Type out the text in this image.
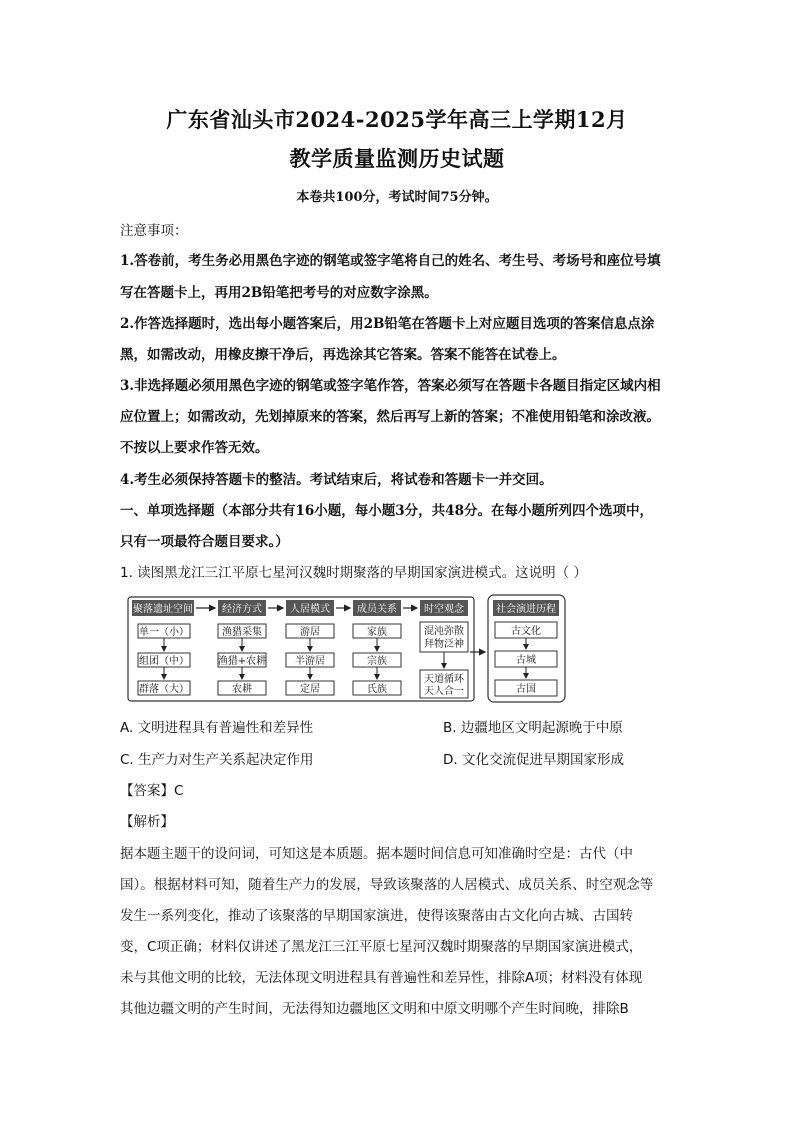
广东省汕头市2024-2025学年高三上学期12月
教学质量监测历史试题
本卷共100分，考试时间75分钟。
注意事项：
1.答卷前，考生务必用黑色字迹的钢笔或签字笔将自己的姓名、考生号、考场号和座位号填
写在答题卡上，再用2B铅笔把考号的对应数字涂黑。
2.作答选择题时，选出每小题答案后，用2B铅笔在答题卡上对应题目选项的答案信息点涂
黑，如需改动，用橡皮擦干净后，再选涂其它答案。答案不能答在试卷上。
3.非选择题必须用黑色字迹的钢笔或签字笔作答，答案必须写在答题卡各题目指定区域内相
应位置上；如需改动，先划掉原来的答案，然后再写上新的答案；不准使用铅笔和涂改液。
不按以上要求作答无效。
4.考生必须保持答题卡的整洁。考试结束后，将试卷和答题卡一并交回。
一、单项选择题（本部分共有16小题，每小题3分，共48分。在每小题所列四个选项中，
只有一项最符合题目要求。）
1. 读图黑龙江三江平原七星河汉魏时期聚落的早期国家演进模式。这说明（ ）
聚落遗址空间	经济方式	人居模式	成员关系	时空观念	社会演进历程
单一（小）
组团（中）
群落（大）
渔猎采集
渔猎+农耕
农耕
游居
半游居
定居
家族
宗族
氏族
混沌弥散
拜物泛神
天道循环
天人合一
古文化
古城
古国
A. 文明进程具有普遍性和差异性	B. 边疆地区文明起源晚于中原
C. 生产力对生产关系起决定作用	D. 文化交流促进早期国家形成
【答案】C
【解析】
据本题主题干的设问词，可知这是本质题。据本题时间信息可知准确时空是：古代（中
国）。根据材料可知，随着生产力的发展，导致该聚落的人居模式、成员关系、时空观念等
发生一系列变化，推动了该聚落的早期国家演进，使得该聚落由古文化向古城、古国转
变，C项正确；材料仅讲述了黑龙江三江平原七星河汉魏时期聚落的早期国家演进模式，
未与其他文明的比较，无法体现文明进程具有普遍性和差异性，排除A项；材料没有体现
其他边疆文明的产生时间，无法得知边疆地区文明和中原文明哪个产生时间晚，排除B
